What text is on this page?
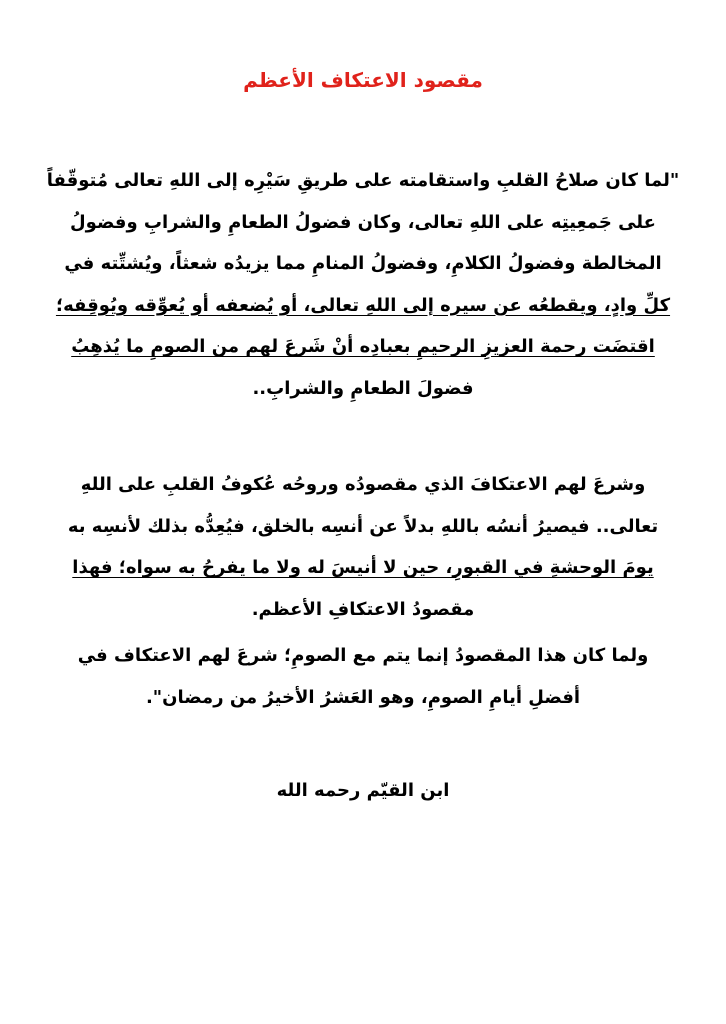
مقصود الاعتكاف الأعظم
"لما كان صلاحُ القلبِ واستقامته على طريقِ سَيْرِه إلى اللهِ تعالى مُتوقّفاً
على جَمعِيتِه على اللهِ تعالى، وكان فضولُ الطعامِ والشرابِ وفضولُ
المخالطة وفضولُ الكلامِ، وفضولُ المنامِ مما يزيدُه شعثاً، ويُشتِّته في
كلِّ وادٍ، ويقطعُه عن سيره إلى اللهِ تعالى، أو يُضعفه أو يُعوِّقه ويُوقِفه؛
اقتضَت رحمة العزيزِ الرحيمِ بعبادِه أنْ شَرعَ لهم من الصومِ ما يُذهِبُ
فضولَ الطعامِ والشرابِ..
وشرعَ لهم الاعتكافَ الذي مقصودُه وروحُه عُكوفُ القلبِ على اللهِ
تعالى.. فيصيرُ أنسُه باللهِ بدلاً عن أنسِه بالخلق، فيُعِدُّه بذلك لأنسِه به
يومَ الوحشةِ في القبورِ، حين لا أنيسَ له ولا ما يفرحُ به سواه؛ فهذا
مقصودُ الاعتكافِ الأعظم.
ولما كان هذا المقصودُ إنما يتم مع الصومِ؛ شرعَ لهم الاعتكاف في
أفضلِ أيامِ الصومِ، وهو العَشرُ الأخيرُ من رمضان".
ابن القيّم رحمه الله
